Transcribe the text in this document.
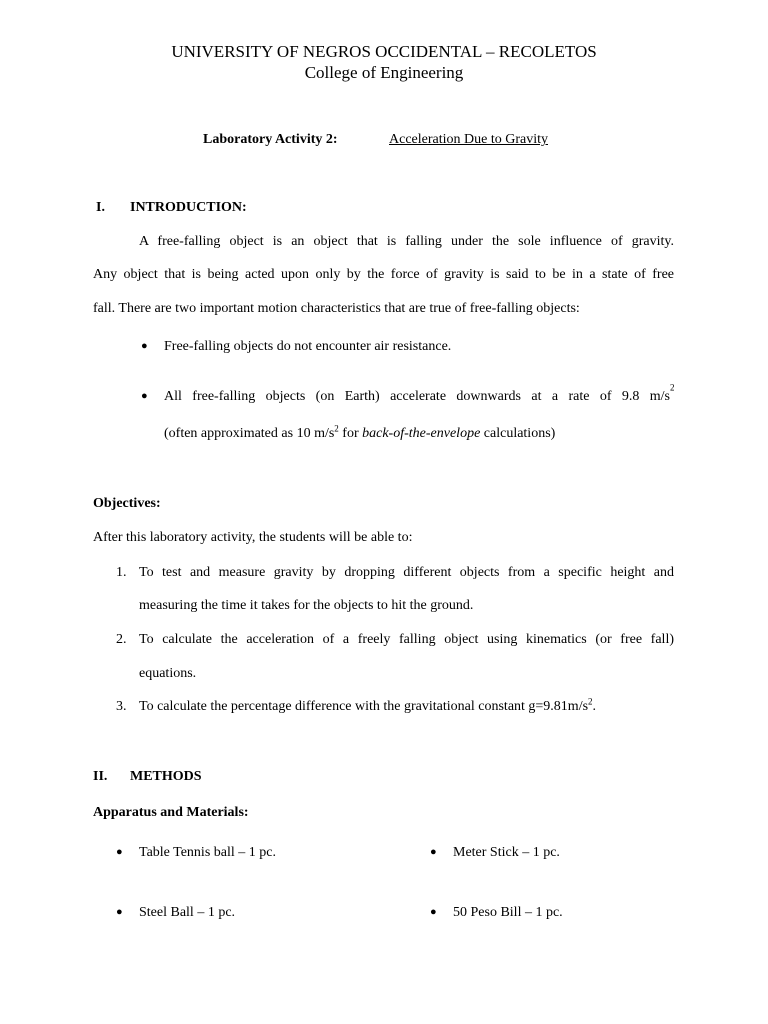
UNIVERSITY OF NEGROS OCCIDENTAL – RECOLETOS
College of Engineering
Laboratory Activity 2:	Acceleration Due to Gravity
I. INTRODUCTION:
A free-falling object is an object that is falling under the sole influence of gravity.
Any object that is being acted upon only by the force of gravity is said to be in a state of free
fall. There are two important motion characteristics that are true of free-falling objects:
● Free-falling objects do not encounter air resistance.
● All free-falling objects (on Earth) accelerate downwards at a rate of 9.8 m/s
$^2$
(often approximated as 10 $m/s^2$ for back-of-the-envelope calculations)
Objectives:
After this laboratory activity, the students will be able to:
1. To test and measure gravity by dropping different objects from a specific height and
measuring the time it takes for the objects to hit the ground.
2. To calculate the acceleration of a freely falling object using kinematics (or free fall)
equations.
3. To calculate the percentage difference with the gravitational constant $g=9.81m/s^2$.
II. METHODS
Apparatus and Materials:
● Table Tennis ball – 1 pc.	● Meter Stick – 1 pc.
● Steel Ball – 1 pc.	● 50 Peso Bill – 1 pc.
